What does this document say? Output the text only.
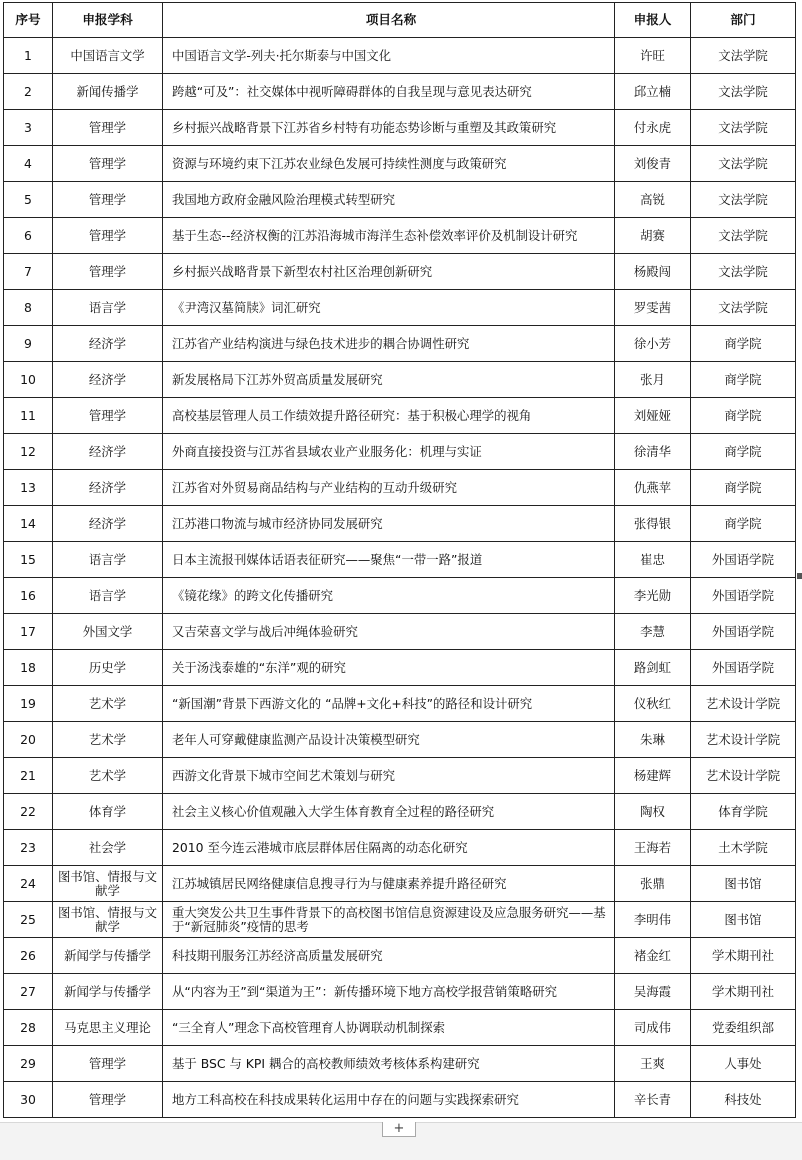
序号	申报学科	项目名称	申报人	部门
1	中国语言文学	中国语言文学-列夫·托尔斯泰与中国文化	许旺	文法学院
2	新闻传播学	跨越“可及”：社交媒体中视听障碍群体的自我呈现与意见表达研究	邱立楠	文法学院
3	管理学	乡村振兴战略背景下江苏省乡村特有功能态势诊断与重塑及其政策研究	付永虎	文法学院
4	管理学	资源与环境约束下江苏农业绿色发展可持续性测度与政策研究	刘俊青	文法学院
5	管理学	我国地方政府金融风险治理模式转型研究	高锐	文法学院
6	管理学	基于生态--经济权衡的江苏沿海城市海洋生态补偿效率评价及机制设计研究	胡赛	文法学院
7	管理学	乡村振兴战略背景下新型农村社区治理创新研究	杨殿闯	文法学院
8	语言学	《尹湾汉墓简牍》词汇研究	罗雯茜	文法学院
9	经济学	江苏省产业结构演进与绿色技术进步的耦合协调性研究	徐小芳	商学院
10	经济学	新发展格局下江苏外贸高质量发展研究	张月	商学院
11	管理学	高校基层管理人员工作绩效提升路径研究：基于积极心理学的视角	刘娅娅	商学院
12	经济学	外商直接投资与江苏省县域农业产业服务化：机理与实证	徐清华	商学院
13	经济学	江苏省对外贸易商品结构与产业结构的互动升级研究	仇燕苹	商学院
14	经济学	江苏港口物流与城市经济协同发展研究	张得银	商学院
15	语言学	日本主流报刊媒体话语表征研究——聚焦“一带一路”报道	崔忠	外国语学院
16	语言学	《镜花缘》的跨文化传播研究	李光勋	外国语学院
17	外国文学	又吉荣喜文学与战后冲绳体验研究	李慧	外国语学院
18	历史学	关于汤浅泰雄的“东洋”观的研究	路剑虹	外国语学院
19	艺术学	“新国潮”背景下西游文化的 “品牌+文化+科技”的路径和设计研究	仪秋红	艺术设计学院
20	艺术学	老年人可穿戴健康监测产品设计决策模型研究	朱琳	艺术设计学院
21	艺术学	西游文化背景下城市空间艺术策划与研究	杨建辉	艺术设计学院
22	体育学	社会主义核心价值观融入大学生体育教育全过程的路径研究	陶权	体育学院
23	社会学	2010 至今连云港城市底层群体居住隔离的动态化研究	王海若	土木学院
24	图书馆、情报与文献学	江苏城镇居民网络健康信息搜寻行为与健康素养提升路径研究	张鼎	图书馆
25	图书馆、情报与文献学	重大突发公共卫生事件背景下的高校图书馆信息资源建设及应急服务研究——基于“新冠肺炎”疫情的思考	李明伟	图书馆
26	新闻学与传播学	科技期刊服务江苏经济高质量发展研究	褚金红	学术期刊社
27	新闻学与传播学	从“内容为王”到“渠道为王”：新传播环境下地方高校学报营销策略研究	吴海霞	学术期刊社
28	马克思主义理论	“三全育人”理念下高校管理育人协调联动机制探索	司成伟	党委组织部
29	管理学	基于 BSC 与 KPI 耦合的高校教师绩效考核体系构建研究	王爽	人事处
30	管理学	地方工科高校在科技成果转化运用中存在的问题与实践探索研究	辛长青	科技处
+
